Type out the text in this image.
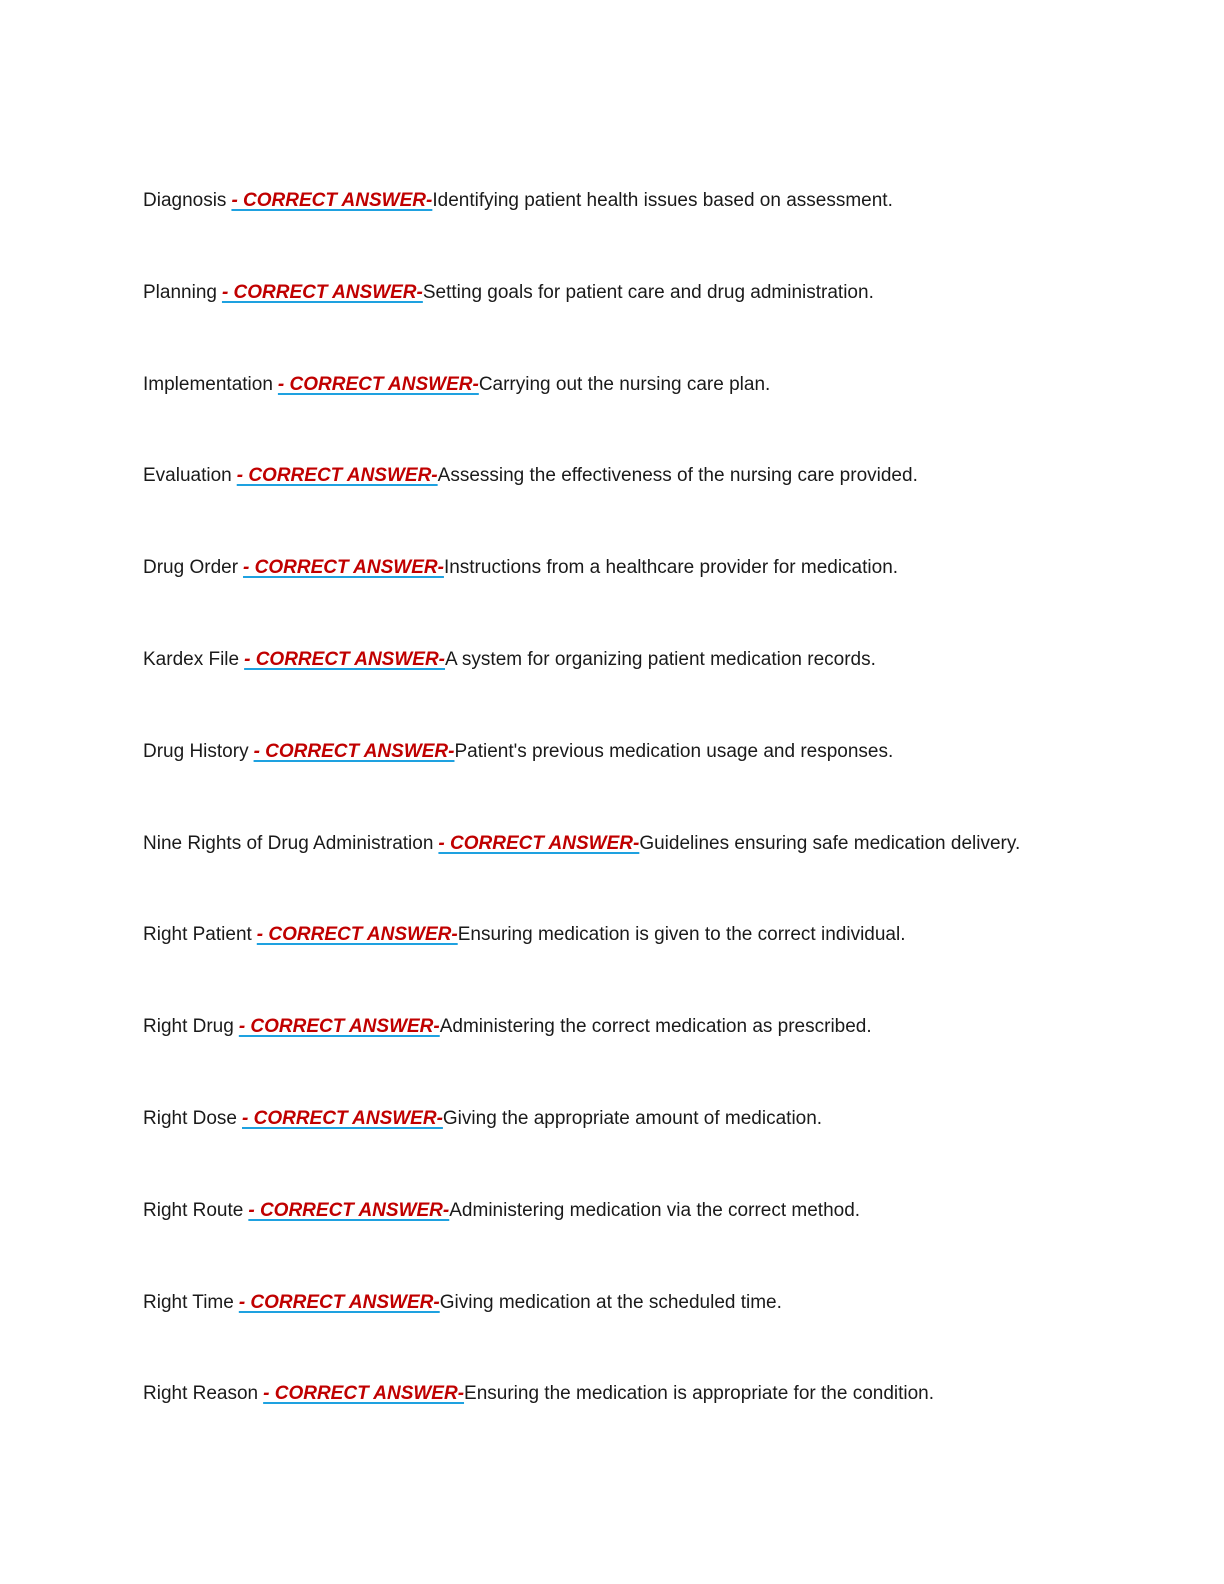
Diagnosis - CORRECT ANSWER-Identifying patient health issues based on assessment.
Planning - CORRECT ANSWER-Setting goals for patient care and drug administration.
Implementation - CORRECT ANSWER-Carrying out the nursing care plan.
Evaluation - CORRECT ANSWER-Assessing the effectiveness of the nursing care provided.
Drug Order - CORRECT ANSWER-Instructions from a healthcare provider for medication.
Kardex File - CORRECT ANSWER-A system for organizing patient medication records.
Drug History - CORRECT ANSWER-Patient's previous medication usage and responses.
Nine Rights of Drug Administration - CORRECT ANSWER-Guidelines ensuring safe medication delivery.
Right Patient - CORRECT ANSWER-Ensuring medication is given to the correct individual.
Right Drug - CORRECT ANSWER-Administering the correct medication as prescribed.
Right Dose - CORRECT ANSWER-Giving the appropriate amount of medication.
Right Route - CORRECT ANSWER-Administering medication via the correct method.
Right Time - CORRECT ANSWER-Giving medication at the scheduled time.
Right Reason - CORRECT ANSWER-Ensuring the medication is appropriate for the condition.
